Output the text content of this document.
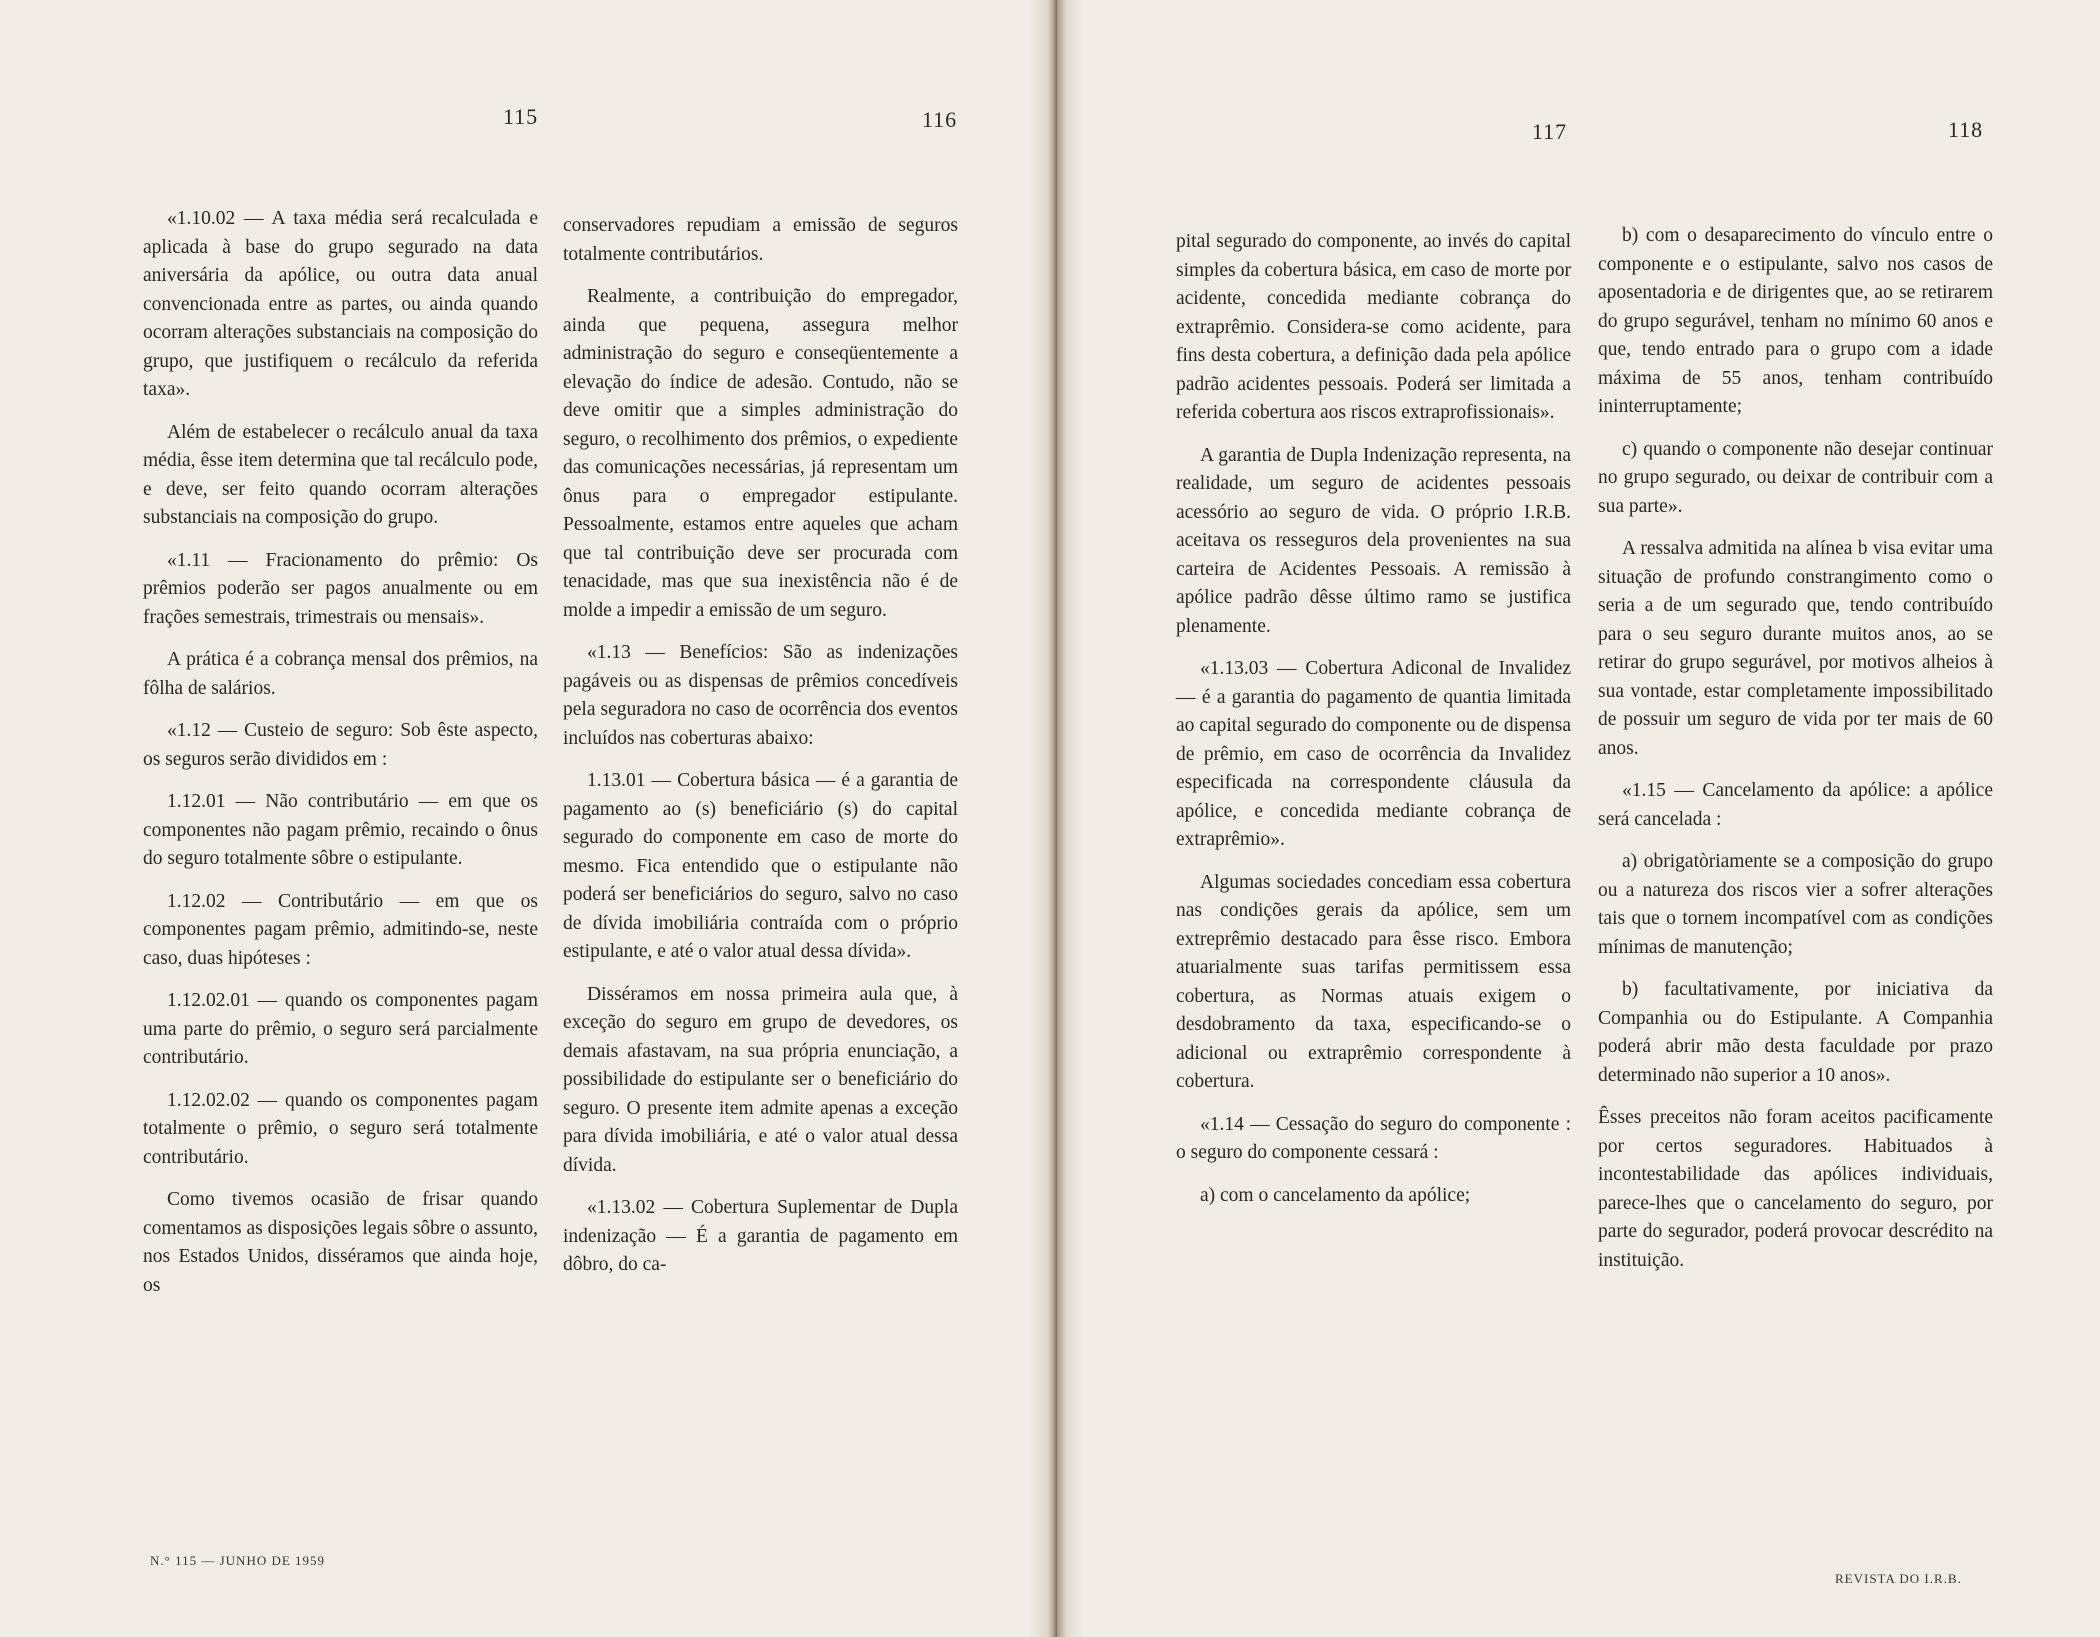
115

«1.10.02 — A taxa média será recalculada e aplicada à base do grupo segurado na data aniversária da apólice, ou outra data anual convencionada entre as partes, ou ainda quando ocorram alterações substanciais na composição do grupo, que justifiquem o recálculo da referida taxa».

Além de estabelecer o recálculo anual da taxa média, êsse item determina que tal recálculo pode, e deve, ser feito quando ocorram alterações substanciais na composição do grupo.

«1.11 — Fracionamento do prêmio: Os prêmios poderão ser pagos anualmente ou em frações semestrais, trimestrais ou mensais».

A prática é a cobrança mensal dos prêmios, na fôlha de salários.

«1.12 — Custeio de seguro: Sob êste aspecto, os seguros serão divididos em :

1.12.01 — Não contributário — em que os componentes não pagam prêmio, recaindo o ônus do seguro totalmente sôbre o estipulante.

1.12.02 — Contributário — em que os componentes pagam prêmio, admitindo-se, neste caso, duas hipóteses :

1.12.02.01 — quando os componentes pagam uma parte do prêmio, o seguro será parcialmente contributário.

1.12.02.02 — quando os componentes pagam totalmente o prêmio, o seguro será totalmente contributário.

Como tivemos ocasião de frisar quando comentamos as disposições legais sôbre o assunto, nos Estados Unidos, disséramos que ainda hoje, os

N.° 115 — JUNHO DE 1959
116

conservadores repudiam a emissão de seguros totalmente contributários.

Realmente, a contribuição do empregador, ainda que pequena, assegura melhor administração do seguro e conseqüentemente a elevação do índice de adesão. Contudo, não se deve omitir que a simples administração do seguro, o recolhimento dos prêmios, o expediente das comunicações necessárias, já representam um ônus para o empregador estipulante. Pessoalmente, estamos entre aqueles que acham que tal contribuição deve ser procurada com tenacidade, mas que sua inexistência não é de molde a impedir a emissão de um seguro.

«1.13 — Benefícios: São as indenizações pagáveis ou as dispensas de prêmios concedíveis pela seguradora no caso de ocorrência dos eventos incluídos nas coberturas abaixo:

1.13.01 — Cobertura básica — é a garantia de pagamento ao (s) beneficiário (s) do capital segurado do componente em caso de morte do mesmo. Fica entendido que o estipulante não poderá ser beneficiários do seguro, salvo no caso de dívida imobiliária contraída com o próprio estipulante, e até o valor atual dessa dívida».

Disséramos em nossa primeira aula que, à exceção do seguro em grupo de devedores, os demais afastavam, na sua própria enunciação, a possibilidade do estipulante ser o beneficiário do seguro. O presente item admite apenas a exceção para dívida imobiliária, e até o valor atual dessa dívida.

«1.13.02 — Cobertura Suplementar de Dupla indenização — É a garantia de pagamento em dôbro, do ca-

117

pital segurado do componente, ao invés do capital simples da cobertura básica, em caso de morte por acidente, concedida mediante cobrança do extraprêmio. Considera-se como acidente, para fins desta cobertura, a definição dada pela apólice padrão acidentes pessoais. Poderá ser limitada a referida cobertura aos riscos extraprofissionais».

A garantia de Dupla Indenização representa, na realidade, um seguro de acidentes pessoais acessório ao seguro de vida. O próprio I.R.B. aceitava os resseguros dela provenientes na sua carteira de Acidentes Pessoais. A remissão à apólice padrão dêsse último ramo se justifica plenamente.

«1.13.03 — Cobertura Adiconal de Invalidez — é a garantia do pagamento de quantia limitada ao capital segurado do componente ou de dispensa de prêmio, em caso de ocorrência da Invalidez especificada na correspondente cláusula da apólice, e concedida mediante cobrança de extraprêmio».

Algumas sociedades concediam essa cobertura nas condições gerais da apólice, sem um extreprêmio destacado para êsse risco. Embora atuarialmente suas tarifas permitissem essa cobertura, as Normas atuais exigem o desdobramento da taxa, especificando-se o adicional ou extraprêmio correspondente à cobertura.

«1.14 — Cessação do seguro do componente : o seguro do componente cessará :

a) com o cancelamento da apólice;

118

b) com o desaparecimento do vínculo entre o componente e o estipulante, salvo nos casos de aposentadoria e de dirigentes que, ao se retirarem do grupo segurável, tenham no mínimo 60 anos e que, tendo entrado para o grupo com a idade máxima de 55 anos, tenham contribuído ininterruptamente;

c) quando o componente não desejar continuar no grupo segurado, ou deixar de contribuir com a sua parte».

A ressalva admitida na alínea b visa evitar uma situação de profundo constrangimento como o seria a de um segurado que, tendo contribuído para o seu seguro durante muitos anos, ao se retirar do grupo segurável, por motivos alheios à sua vontade, estar completamente impossibilitado de possuir um seguro de vida por ter mais de 60 anos.

«1.15 — Cancelamento da apólice: a apólice será cancelada :

a) obrigatòriamente se a composição do grupo ou a natureza dos riscos vier a sofrer alterações tais que o tornem incompatível com as condições mínimas de manutenção;

b) facultativamente, por iniciativa da Companhia ou do Estipulante. A Companhia poderá abrir mão desta faculdade por prazo determinado não superior a 10 anos».

Êsses preceitos não foram aceitos pacificamente por certos seguradores. Habituados à incontestabilidade das apólices individuais, parece-lhes que o cancelamento do seguro, por parte do segurador, poderá provocar descrédito na instituição.

REVISTA DO I.R.B.
